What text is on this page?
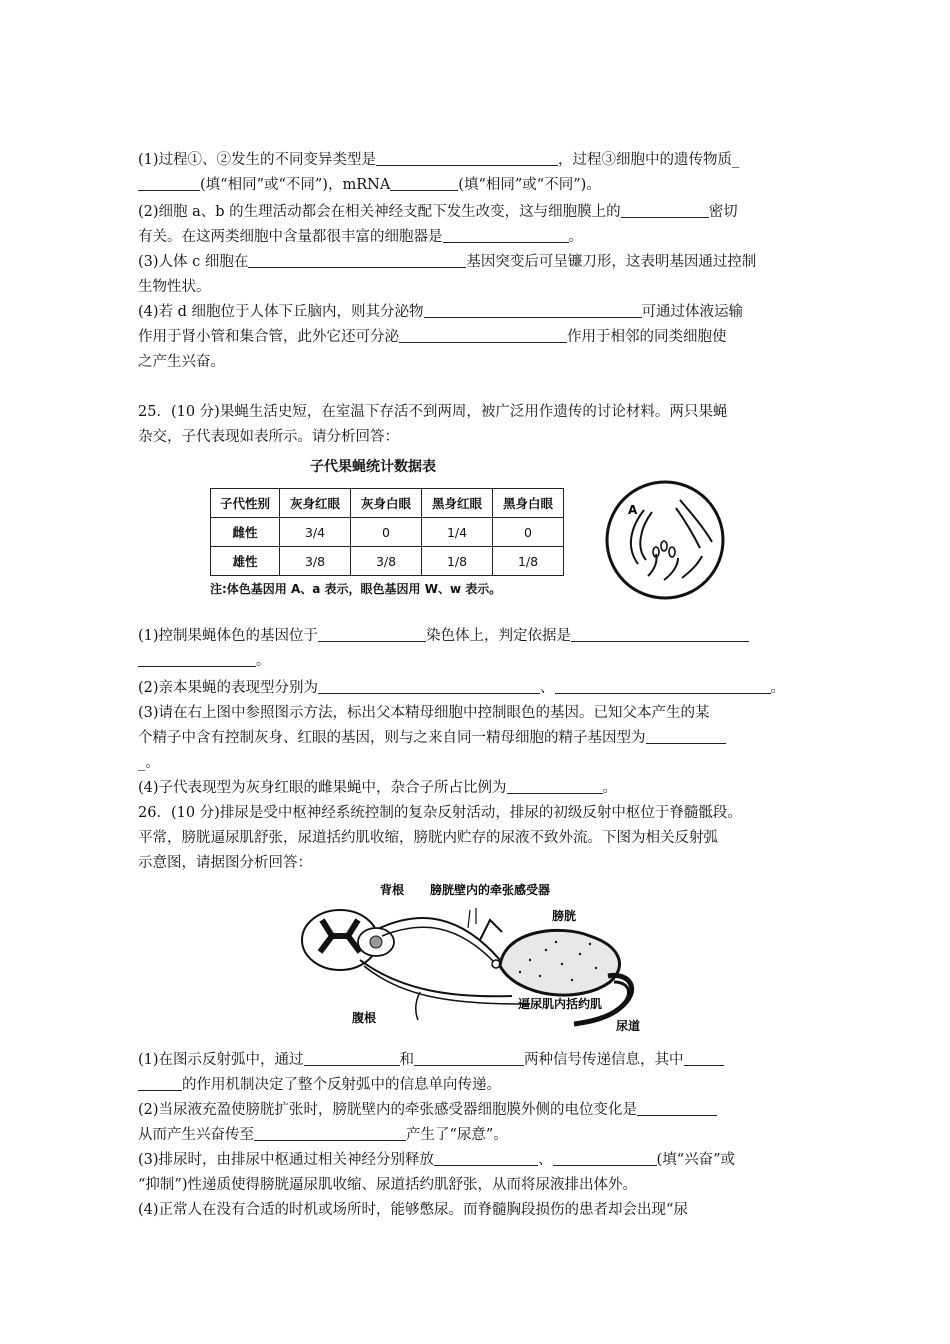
(1)过程①、②发生的不同变异类型是	，过程③细胞中的遗传物质_
(填“相同”或“不同”)，mRNA	(填“相同”或“不同”)。
(2)细胞 a、b 的生理活动都会在相关神经支配下发生改变，这与细胞膜上的	密切
有关。在这两类细胞中含量都很丰富的细胞器是	。
(3)人体 c 细胞在	基因突变后可呈镰刀形，这表明基因通过控制
生物性状。
(4)若 d 细胞位于人体下丘脑内，则其分泌物	可通过体液运输
作用于肾小管和集合管，此外它还可分泌	作用于相邻的同类细胞使
之产生兴奋。
25．(10 分)果蝇生活史短，在室温下存活不到两周，被广泛用作遗传的讨论材料。两只果蝇
杂交，子代表现如表所示。请分析回答：
子代果蝇统计数据表
子代性别	灰身红眼	灰身白眼	黑身红眼	黑身白眼
雌性	3/4	0	1/4	0
雄性	3/8	3/8	1/8	1/8
注:体色基因用 A、a 表示，眼色基因用 W、w 表示。
A
(1)控制果蝇体色的基因位于	染色体上，判定依据是
。
(2)亲本果蝇的表现型分别为	、	。
(3)请在右上图中参照图示方法，标出父本精母细胞中控制眼色的基因。已知父本产生的某
个精子中含有控制灰身、红眼的基因，则与之来自同一精母细胞的精子基因型为
_。
(4)子代表现型为灰身红眼的雌果蝇中，杂合子所占比例为	。
26．(10 分)排尿是受中枢神经系统控制的复杂反射活动，排尿的初级反射中枢位于脊髓骶段。
平常，膀胱逼尿肌舒张，尿道括约肌收缩，膀胱内贮存的尿液不致外流。下图为相关反射弧
示意图，请据图分析回答：
背根 膀胱壁内的牵张感受器
膀胱
腹根
逼尿肌内括约肌
尿道
(1)在图示反射弧中，通过	和	两种信号传递信息，其中
的作用机制决定了整个反射弧中的信息单向传递。
(2)当尿液充盈使膀胱扩张时，膀胱壁内的牵张感受器细胞膜外侧的电位变化是
从而产生兴奋传至	产生了“尿意”。
(3)排尿时，由排尿中枢通过相关神经分别释放	、	(填“兴奋”或
“抑制”)性递质使得膀胱逼尿肌收缩、尿道括约肌舒张，从而将尿液排出体外。
(4)正常人在没有合适的时机或场所时，能够憋尿。而脊髓胸段损伤的患者却会出现“尿
